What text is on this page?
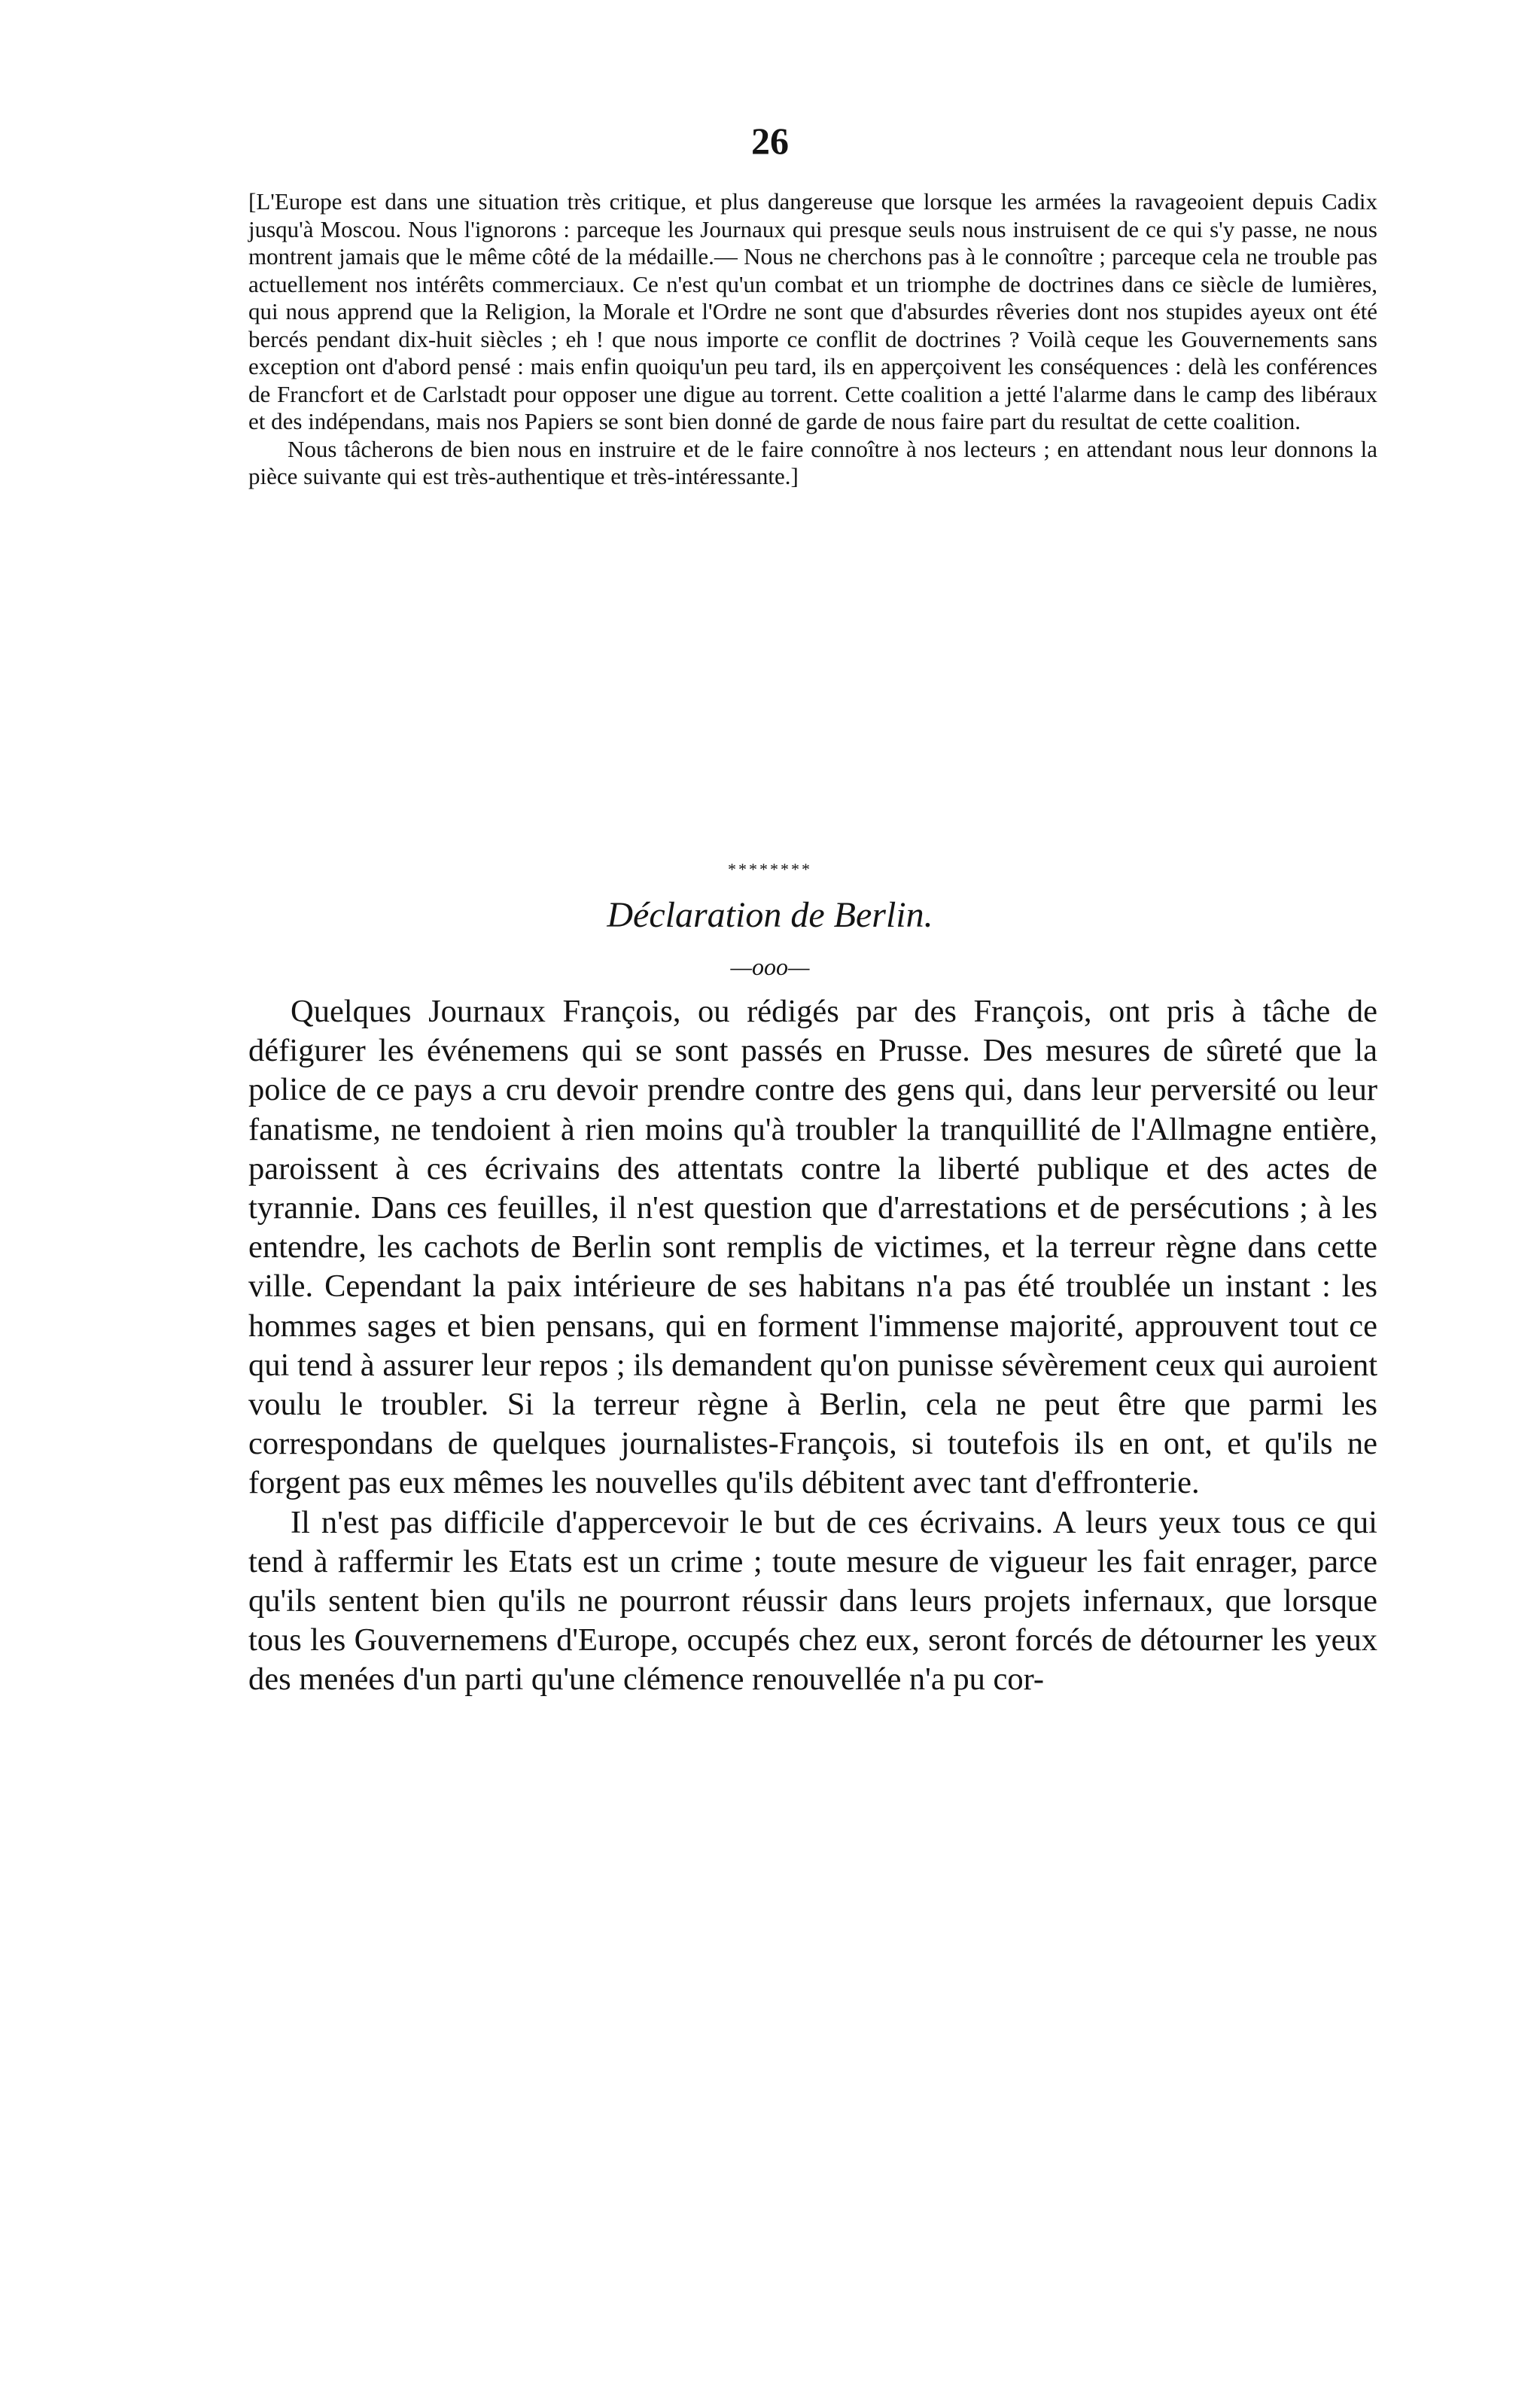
26

[L'Europe est dans une situation très critique, et plus dangereuse que lorsque les armées la ravageoient depuis Cadix jusqu'à Moscou. Nous l'ignorons : parceque les Journaux qui presque seuls nous instruisent de ce qui s'y passe, ne nous montrent jamais que le même côté de la médaille.— Nous ne cherchons pas à le connoître ; parceque cela ne trouble pas actuellement nos intérêts commerciaux. Ce n'est qu'un combat et un triomphe de doctrines dans ce siècle de lumières, qui nous apprend que la Religion, la Morale et l'Ordre ne sont que d'absurdes rêveries dont nos stupides ayeux ont été bercés pendant dix-huit siècles ; eh ! que nous importe ce conflit de doctrines ? Voilà ceque les Gouvernements sans exception ont d'abord pensé : mais enfin quoiqu'un peu tard, ils en apperçoivent les conséquences : delà les conférences de Francfort et de Carlstadt pour opposer une digue au torrent. Cette coalition a jetté l'alarme dans le camp des libéraux et des indépendans, mais nos Papiers se sont bien donné de garde de nous faire part du resultat de cette coalition.

Nous tâcherons de bien nous en instruire et de le faire connoître à nos lecteurs ; en attendant nous leur donnons la pièce suivante qui est très-authentique et très-intéressante.]

********
Déclaration de Berlin.
—ooo—

Quelques Journaux François, ou rédigés par des François, ont pris à tâche de défigurer les événemens qui se sont passés en Prusse. Des mesures de sûreté que la police de ce pays a cru devoir prendre contre des gens qui, dans leur perversité ou leur fanatisme, ne tendoient à rien moins qu'à troubler la tranquillité de l'Allmagne entière, paroissent à ces écrivains des attentats contre la liberté publique et des actes de tyrannie. Dans ces feuilles, il n'est question que d'arrestations et de persécutions ; à les entendre, les cachots de Berlin sont remplis de victimes, et la terreur règne dans cette ville. Cependant la paix intérieure de ses habitans n'a pas été troublée un instant : les hommes sages et bien pensans, qui en forment l'immense majorité, approuvent tout ce qui tend à assurer leur repos ; ils demandent qu'on punisse sévèrement ceux qui auroient voulu le troubler. Si la terreur règne à Berlin, cela ne peut être que parmi les correspondans de quelques journalistes-François, si toutefois ils en ont, et qu'ils ne forgent pas eux mêmes les nouvelles qu'ils débitent avec tant d'effronterie.

Il n'est pas difficile d'appercevoir le but de ces écrivains. A leurs yeux tous ce qui tend à raffermir les Etats est un crime ; toute mesure de vigueur les fait enrager, parce qu'ils sentent bien qu'ils ne pourront réussir dans leurs projets infernaux, que lorsque tous les Gouvernemens d'Europe, occupés chez eux, seront forcés de détourner les yeux des menées d'un parti qu'une clémence renouvellée n'a pu cor-
